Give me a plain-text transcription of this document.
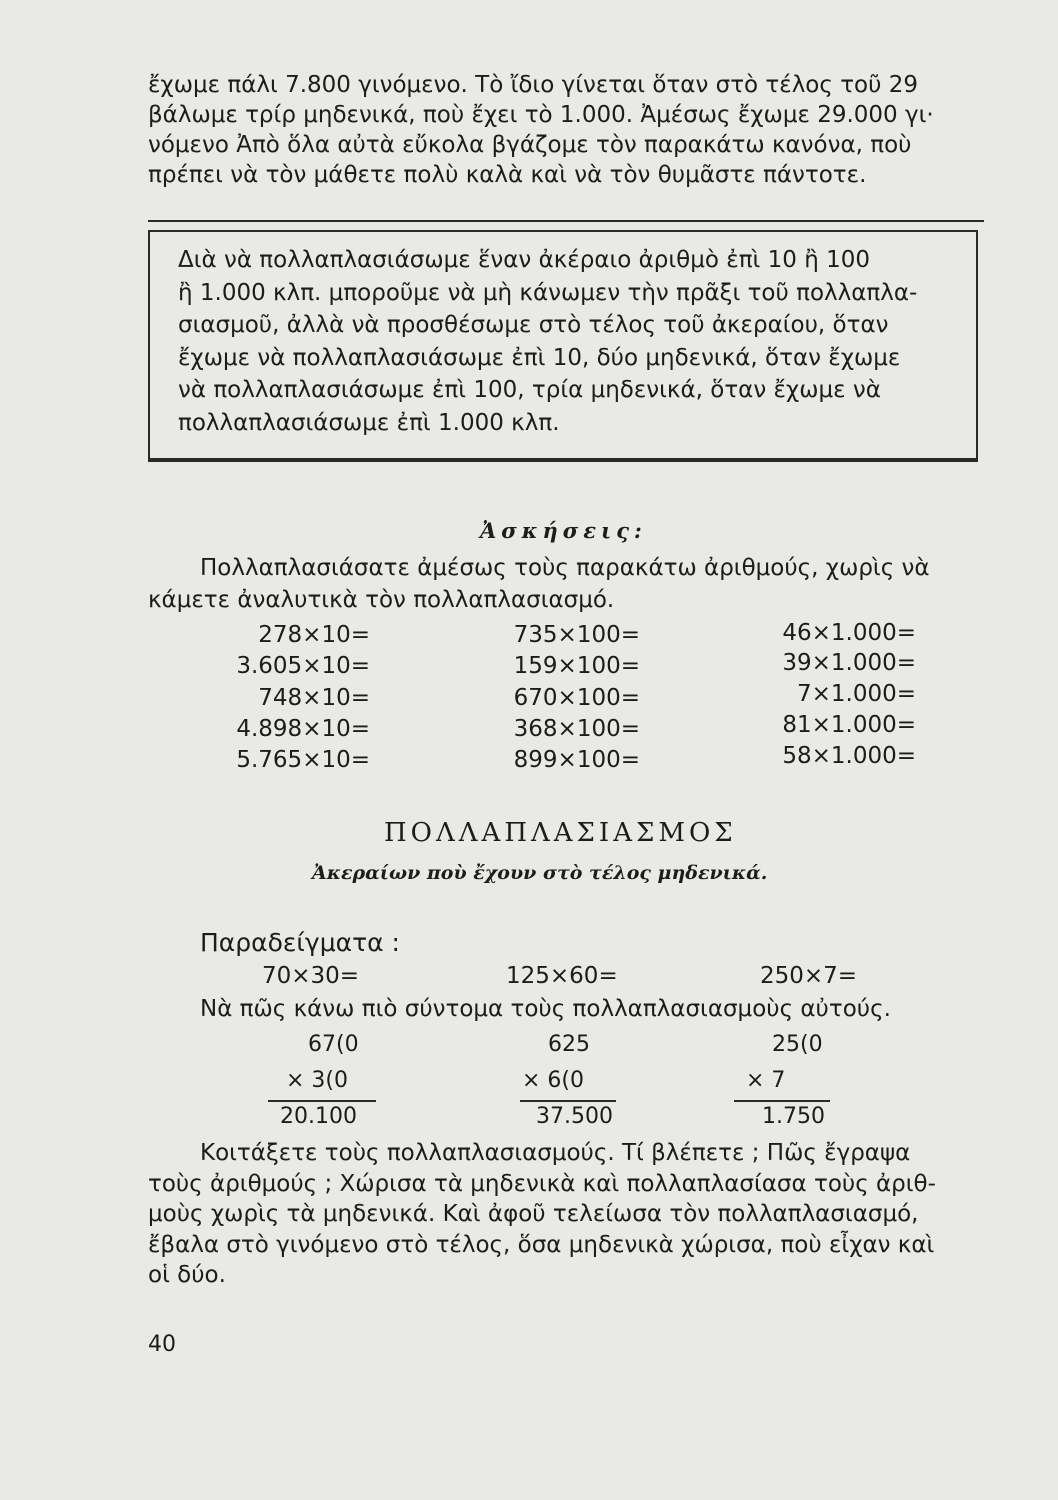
ἔχωμε πάλι 7.800 γινόμενο. Τὸ ἴδιο γίνεται ὅταν στὸ τέλος τοῦ 29
βάλωμε τρίρ μηδενικά, ποὺ ἔχει τὸ 1.000. Ἀμέσως ἔχωμε 29.000 γι·
νόμενο Ἀπὸ ὅλα αὐτὰ εὔκολα βγάζομε τὸν παρακάτω κανόνα, ποὺ
πρέπει νὰ τὸν μάθετε πολὺ καλὰ καὶ νὰ τὸν θυμᾶστε πάντοτε.
Διὰ νὰ πολλαπλασιάσωμε ἕναν ἀκέραιο ἀριθμὸ ἐπὶ 10 ἢ 100
ἢ 1.000 κλπ. μποροῦμε νὰ μὴ κάνωμεν τὴν πρᾶξι τοῦ πολλαπλα-
σιασμοῦ, ἀλλὰ νὰ προσθέσωμε στὸ τέλος τοῦ ἀκεραίου, ὅταν
ἔχωμε νὰ πολλαπλασιάσωμε ἐπὶ 10, δύο μηδενικά, ὅταν ἔχωμε
νὰ πολλαπλασιάσωμε ἐπὶ 100, τρία μηδενικά, ὅταν ἔχωμε νὰ
πολλαπλασιάσωμε ἐπὶ 1.000 κλπ.
Ἀσκήσεις:
Πολλαπλασιάσατε ἀμέσως τοὺς παρακάτω ἀριθμούς, χωρὶς νὰ
κάμετε ἀναλυτικὰ τὸν πολλαπλασιασμό.
278×10=
3.605×10=
748×10=
4.898×10=
5.765×10=
735×100=
159×100=
670×100=
368×100=
899×100=
46×1.000=
39×1.000=
7×1.000=
81×1.000=
58×1.000=
ΠΟΛΛΑΠΛΑΣΙΑΣΜΟΣ
Ἀκεραίων ποὺ ἔχουν στὸ τέλος μηδενικά.
Παραδείγματα :
70×30=	125×60=	250×7=
Νὰ πῶς κάνω πιὸ σύντομα τοὺς πολλαπλασιασμοὺς αὐτούς.
67(0
× 3(0
20.100
625
× 6(0
37.500
25(0
× 7
1.750
Κοιτάξετε τοὺς πολλαπλασιασμούς. Τί βλέπετε ; Πῶς ἔγραψα
τοὺς ἀριθμούς ; Χώρισα τὰ μηδενικὰ καὶ πολλαπλασίασα τοὺς ἀριθ-
μοὺς χωρὶς τὰ μηδενικά. Καὶ ἀφοῦ τελείωσα τὸν πολλαπλασιασμό,
ἔβαλα στὸ γινόμενο στὸ τέλος, ὅσα μηδενικὰ χώρισα, ποὺ εἶχαν καὶ
οἱ δύο.
40
